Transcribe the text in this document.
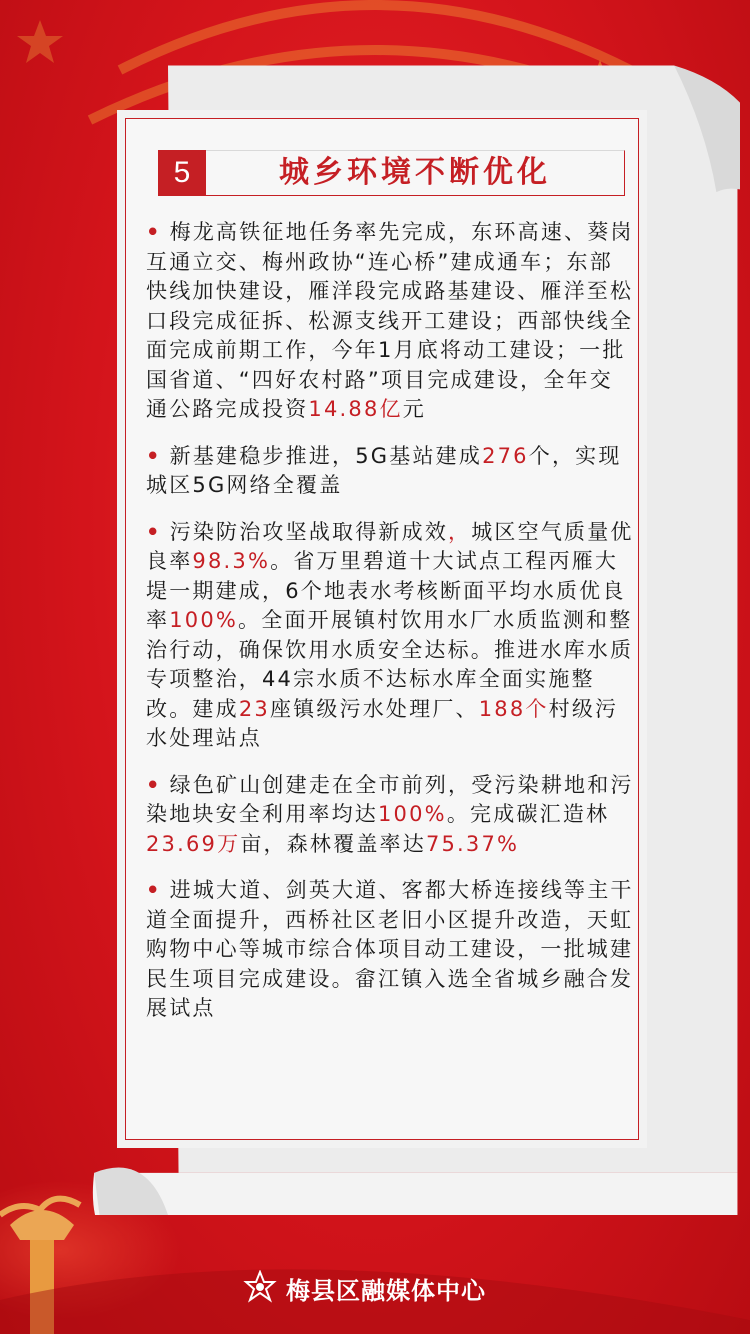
5	城乡环境不断优化

• 梅龙高铁征地任务率先完成，东环高速、葵岗互通立交、梅州政协“连心桥”建成通车；东部快线加快建设，雁洋段完成路基建设、雁洋至松口段完成征拆、松源支线开工建设；西部快线全面完成前期工作，今年1月底将动工建设；一批国省道、“四好农村路”项目完成建设，全年交通公路完成投资14.88亿元

• 新基建稳步推进，5G基站建成276个，实现城区5G网络全覆盖

• 污染防治攻坚战取得新成效，城区空气质量优良率98.3%。省万里碧道十大试点工程丙雁大堤一期建成，6个地表水考核断面平均水质优良率100%。全面开展镇村饮用水厂水质监测和整治行动，确保饮用水质安全达标。推进水库水质专项整治，44宗水质不达标水库全面实施整改。建成23座镇级污水处理厂、188个村级污水处理站点

• 绿色矿山创建走在全市前列，受污染耕地和污染地块安全利用率均达100%。完成碳汇造林23.69万亩，森林覆盖率达75.37%

• 进城大道、剑英大道、客都大桥连接线等主干道全面提升，西桥社区老旧小区提升改造，天虹购物中心等城市综合体项目动工建设，一批城建民生项目完成建设。畲江镇入选全省城乡融合发展试点

梅县区融媒体中心
